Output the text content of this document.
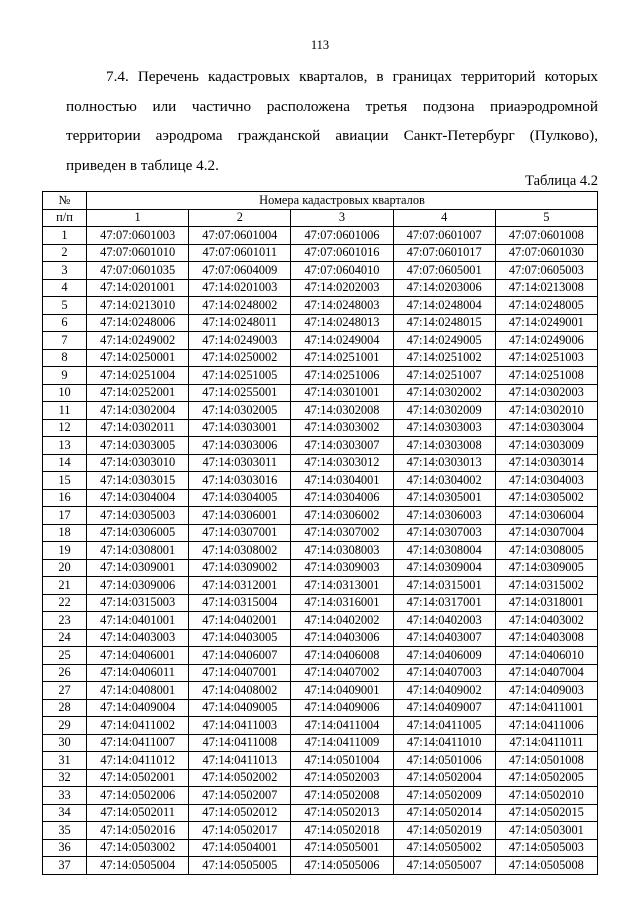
113
7.4. Перечень кадастровых кварталов, в границах территорий которых
полностью или частично расположена третья подзона приаэродромной
территории аэродрома гражданской авиации Санкт-Петербург (Пулково),
приведен в таблице 4.2.
Таблица 4.2
№	Номера кадастровых кварталов				
п/п	1	2	3	4	5
1	47:07:0601003	47:07:0601004	47:07:0601006	47:07:0601007	47:07:0601008
2	47:07:0601010	47:07:0601011	47:07:0601016	47:07:0601017	47:07:0601030
3	47:07:0601035	47:07:0604009	47:07:0604010	47:07:0605001	47:07:0605003
4	47:14:0201001	47:14:0201003	47:14:0202003	47:14:0203006	47:14:0213008
5	47:14:0213010	47:14:0248002	47:14:0248003	47:14:0248004	47:14:0248005
6	47:14:0248006	47:14:0248011	47:14:0248013	47:14:0248015	47:14:0249001
7	47:14:0249002	47:14:0249003	47:14:0249004	47:14:0249005	47:14:0249006
8	47:14:0250001	47:14:0250002	47:14:0251001	47:14:0251002	47:14:0251003
9	47:14:0251004	47:14:0251005	47:14:0251006	47:14:0251007	47:14:0251008
10	47:14:0252001	47:14:0255001	47:14:0301001	47:14:0302002	47:14:0302003
11	47:14:0302004	47:14:0302005	47:14:0302008	47:14:0302009	47:14:0302010
12	47:14:0302011	47:14:0303001	47:14:0303002	47:14:0303003	47:14:0303004
13	47:14:0303005	47:14:0303006	47:14:0303007	47:14:0303008	47:14:0303009
14	47:14:0303010	47:14:0303011	47:14:0303012	47:14:0303013	47:14:0303014
15	47:14:0303015	47:14:0303016	47:14:0304001	47:14:0304002	47:14:0304003
16	47:14:0304004	47:14:0304005	47:14:0304006	47:14:0305001	47:14:0305002
17	47:14:0305003	47:14:0306001	47:14:0306002	47:14:0306003	47:14:0306004
18	47:14:0306005	47:14:0307001	47:14:0307002	47:14:0307003	47:14:0307004
19	47:14:0308001	47:14:0308002	47:14:0308003	47:14:0308004	47:14:0308005
20	47:14:0309001	47:14:0309002	47:14:0309003	47:14:0309004	47:14:0309005
21	47:14:0309006	47:14:0312001	47:14:0313001	47:14:0315001	47:14:0315002
22	47:14:0315003	47:14:0315004	47:14:0316001	47:14:0317001	47:14:0318001
23	47:14:0401001	47:14:0402001	47:14:0402002	47:14:0402003	47:14:0403002
24	47:14:0403003	47:14:0403005	47:14:0403006	47:14:0403007	47:14:0403008
25	47:14:0406001	47:14:0406007	47:14:0406008	47:14:0406009	47:14:0406010
26	47:14:0406011	47:14:0407001	47:14:0407002	47:14:0407003	47:14:0407004
27	47:14:0408001	47:14:0408002	47:14:0409001	47:14:0409002	47:14:0409003
28	47:14:0409004	47:14:0409005	47:14:0409006	47:14:0409007	47:14:0411001
29	47:14:0411002	47:14:0411003	47:14:0411004	47:14:0411005	47:14:0411006
30	47:14:0411007	47:14:0411008	47:14:0411009	47:14:0411010	47:14:0411011
31	47:14:0411012	47:14:0411013	47:14:0501004	47:14:0501006	47:14:0501008
32	47:14:0502001	47:14:0502002	47:14:0502003	47:14:0502004	47:14:0502005
33	47:14:0502006	47:14:0502007	47:14:0502008	47:14:0502009	47:14:0502010
34	47:14:0502011	47:14:0502012	47:14:0502013	47:14:0502014	47:14:0502015
35	47:14:0502016	47:14:0502017	47:14:0502018	47:14:0502019	47:14:0503001
36	47:14:0503002	47:14:0504001	47:14:0505001	47:14:0505002	47:14:0505003
37	47:14:0505004	47:14:0505005	47:14:0505006	47:14:0505007	47:14:0505008
